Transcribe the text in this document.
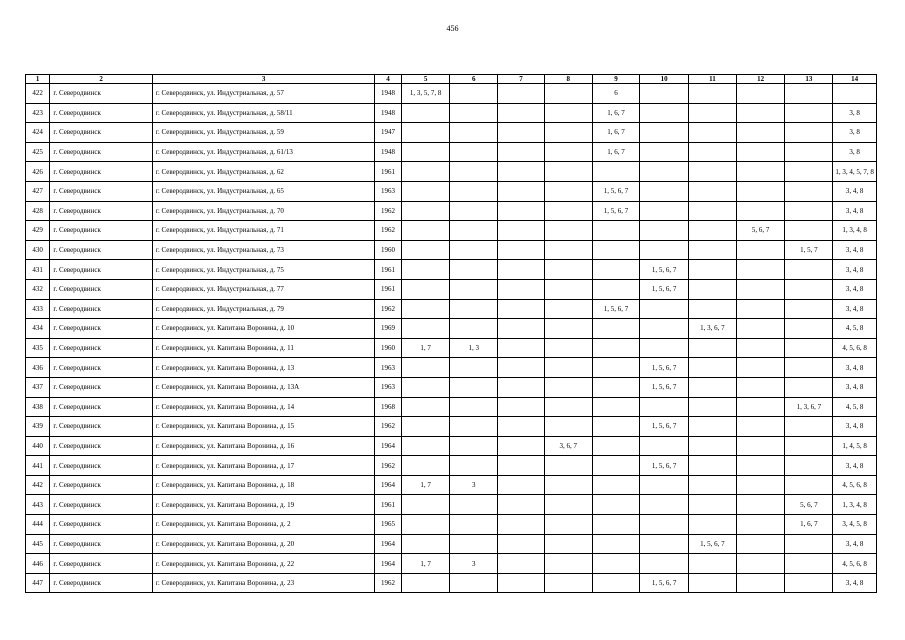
456
1	2	3	4	5	6	7	8	9	10	11	12	13	14
422	г. Северодвинск	г. Северодвинск, ул. Индустриальная, д. 57	1948	1, 3, 5, 7, 8				6					
423	г. Северодвинск	г. Северодвинск, ул. Индустриальная, д. 58/11	1948					1, 6, 7					3, 8
424	г. Северодвинск	г. Северодвинск, ул. Индустриальная, д. 59	1947					1, 6, 7					3, 8
425	г. Северодвинск	г. Северодвинск, ул. Индустриальная, д. 61/13	1948					1, 6, 7					3, 8
426	г. Северодвинск	г. Северодвинск, ул. Индустриальная, д. 62	1961										1, 3, 4, 5, 7, 8
427	г. Северодвинск	г. Северодвинск, ул. Индустриальная, д. 65	1963					1, 5, 6, 7					3, 4, 8
428	г. Северодвинск	г. Северодвинск, ул. Индустриальная, д. 70	1962					1, 5, 6, 7					3, 4, 8
429	г. Северодвинск	г. Северодвинск, ул. Индустриальная, д. 71	1962								5, 6, 7		1, 3, 4, 8
430	г. Северодвинск	г. Северодвинск, ул. Индустриальная, д. 73	1960									1, 5, 7	3, 4, 8
431	г. Северодвинск	г. Северодвинск, ул. Индустриальная, д. 75	1961						1, 5, 6, 7				3, 4, 8
432	г. Северодвинск	г. Северодвинск, ул. Индустриальная, д. 77	1961						1, 5, 6, 7				3, 4, 8
433	г. Северодвинск	г. Северодвинск, ул. Индустриальная, д. 79	1962					1, 5, 6, 7					3, 4, 8
434	г. Северодвинск	г. Северодвинск, ул. Капитана Воронина, д. 10	1969							1, 3, 6, 7			4, 5, 8
435	г. Северодвинск	г. Северодвинск, ул. Капитана Воронина, д. 11	1960	1, 7	1, 3								4, 5, 6, 8
436	г. Северодвинск	г. Северодвинск, ул. Капитана Воронина, д. 13	1963						1, 5, 6, 7				3, 4, 8
437	г. Северодвинск	г. Северодвинск, ул. Капитана Воронина, д. 13А	1963						1, 5, 6, 7				3, 4, 8
438	г. Северодвинск	г. Северодвинск, ул. Капитана Воронина, д. 14	1968									1, 3, 6, 7	4, 5, 8
439	г. Северодвинск	г. Северодвинск, ул. Капитана Воронина, д. 15	1962						1, 5, 6, 7				3, 4, 8
440	г. Северодвинск	г. Северодвинск, ул. Капитана Воронина, д. 16	1964				3, 6, 7						1, 4, 5, 8
441	г. Северодвинск	г. Северодвинск, ул. Капитана Воронина, д. 17	1962						1, 5, 6, 7				3, 4, 8
442	г. Северодвинск	г. Северодвинск, ул. Капитана Воронина, д. 18	1964	1, 7	3								4, 5, 6, 8
443	г. Северодвинск	г. Северодвинск, ул. Капитана Воронина, д. 19	1961									5, 6, 7	1, 3, 4, 8
444	г. Северодвинск	г. Северодвинск, ул. Капитана Воронина, д. 2	1965									1, 6, 7	3, 4, 5, 8
445	г. Северодвинск	г. Северодвинск, ул. Капитана Воронина, д. 20	1964							1, 5, 6, 7			3, 4, 8
446	г. Северодвинск	г. Северодвинск, ул. Капитана Воронина, д. 22	1964	1, 7	3								4, 5, 6, 8
447	г. Северодвинск	г. Северодвинск, ул. Капитана Воронина, д. 23	1962						1, 5, 6, 7				3, 4, 8
